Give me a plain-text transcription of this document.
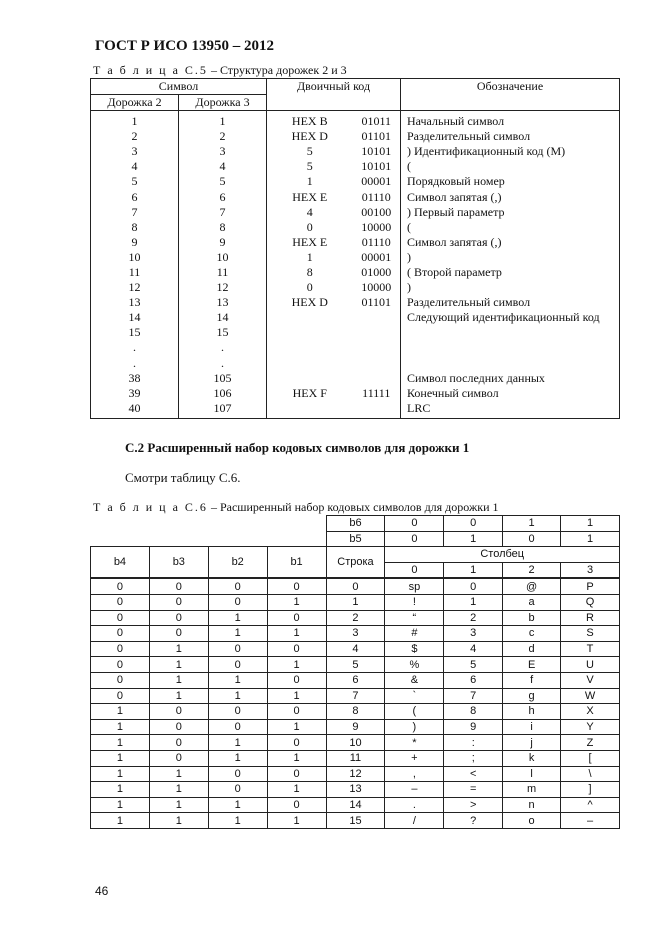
ГОСТ Р ИСО 13950 – 2012
Т а б л и ц а С.5 – Структура дорожек 2 и 3
Символ		Двоичный код		Обозначение
Дорожка 2	Дорожка 3			
1	1	HEX B	01011	Начальный символ
2	2	HEX D	01101	Разделительный символ
3	3	5	10101	) Идентификационный код (М)
4	4	5	10101	(
5	5	1	00001	Порядковый номер
6	6	HEX E	01110	Символ запятая (,)
7	7	4	00100	) Первый параметр
8	8	0	10000	(
9	9	HEX E	01110	Символ запятая (,)
10	10	1	00001	)
11	11	8	01000	( Второй параметр
12	12	0	10000	)
13	13	HEX D	01101	Разделительный символ
14	14			Следующий идентификационный код
15	15			
.	.			
.	.			
38	105			Символ последних данных
39	106	HEX F	11111	Конечный символ
40	107			LRC
С.2 Расширенный набор кодовых символов для дорожки 1
Смотри таблицу С.6.
Т а б л и ц а С.6 – Расширенный набор кодовых символов для дорожки 1
				b6	0	0	1	1
				b5	0	1	0	1
b4	b3	b2	b1	Строка	Столбец			
					0	1	2	3
0	0	0	0	0	sp	0	@	P
0	0	0	1	1	!	1	a	Q
0	0	1	0	2	“	2	b	R
0	0	1	1	3	#	3	c	S
0	1	0	0	4	$	4	d	T
0	1	0	1	5	%	5	E	U
0	1	1	0	6	&	6	f	V
0	1	1	1	7	`	7	g	W
1	0	0	0	8	(	8	h	X
1	0	0	1	9	)	9	i	Y
1	0	1	0	10	*	:	j	Z
1	0	1	1	11	+	;	k	[
1	1	0	0	12	,	<	l	\
1	1	0	1	13	–	=	m	]
1	1	1	0	14	.	>	n	^
1	1	1	1	15	/	?	o	–
46
